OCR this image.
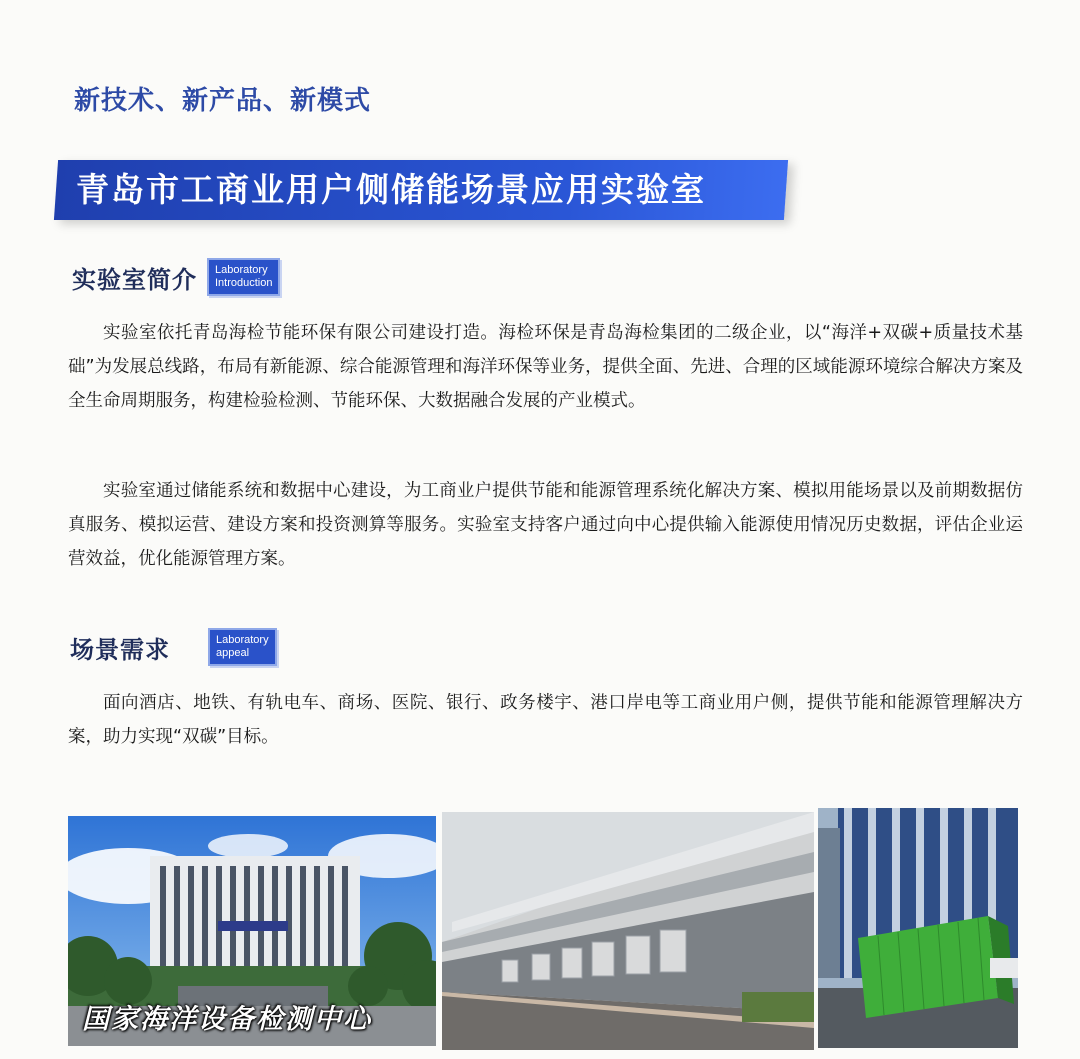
新技术、新产品、新模式
青岛市工商业用户侧储能场景应用实验室
实验室简介 Laboratory
Introduction

实验室依托青岛海检节能环保有限公司建设打造。海检环保是青岛海检集团的二级企业，以“海洋+双碳+质量技术基础”为发展总线路，布局有新能源、综合能源管理和海洋环保等业务，提供全面、先进、合理的区域能源环境综合解决方案及全生命周期服务，构建检验检测、节能环保、大数据融合发展的产业模式。

实验室通过储能系统和数据中心建设，为工商业户提供节能和能源管理系统化解决方案、模拟用能场景以及前期数据仿真服务、模拟运营、建设方案和投资测算等服务。实验室支持客户通过向中心提供输入能源使用情况历史数据，评估企业运营效益，优化能源管理方案。

场景需求	Laboratory
appeal

面向酒店、地铁、有轨电车、商场、医院、银行、政务楼宇、港口岸电等工商业用户侧，提供节能和能源管理解决方案，助力实现“双碳”目标。

国家海洋设备检测中心
